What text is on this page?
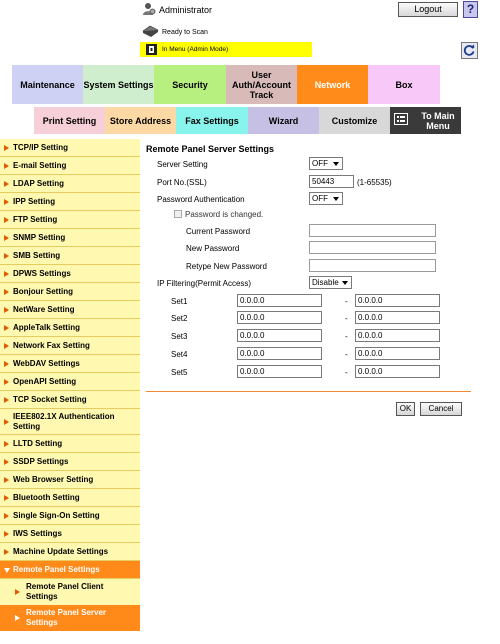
Administrator	Logout	?
Ready to Scan
In Menu (Admin Mode)
Maintenance System Settings	Security
User Auth/Account Track
Network	Box
Print Setting	Store Address	Fax Settings	Wizard	Customize	To Main Menu
TCP/IP Setting
E-mail Setting
LDAP Setting
IPP Setting
FTP Setting
SNMP Setting
SMB Setting
DPWS Settings
Bonjour Setting
NetWare Setting
AppleTalk Setting
Network Fax Setting
WebDAV Settings
OpenAPI Setting
TCP Socket Setting
IEEE802.1X Authentication Setting
LLTD Setting
SSDP Settings
Web Browser Setting
Bluetooth Setting
Single Sign-On Setting
IWS Settings
Machine Update Settings
Remote Panel Settings
Remote Panel Client Settings
Remote Panel Server Settings
Remote Panel Server Settings
Server Setting	OFF
Port No.(SSL)	50443	(1-65535)
Password Authentication	OFF
Password is changed.
Current Password
New Password
Retype New Password
IP Filtering(Permit Access)	Disable
Set1	0.0.0.0	-	0.0.0.0
Set2	0.0.0.0	-	0.0.0.0
Set3	0.0.0.0	-	0.0.0.0
Set4	0.0.0.0	-	0.0.0.0
Set5	0.0.0.0	-	0.0.0.0
OK	Cancel
